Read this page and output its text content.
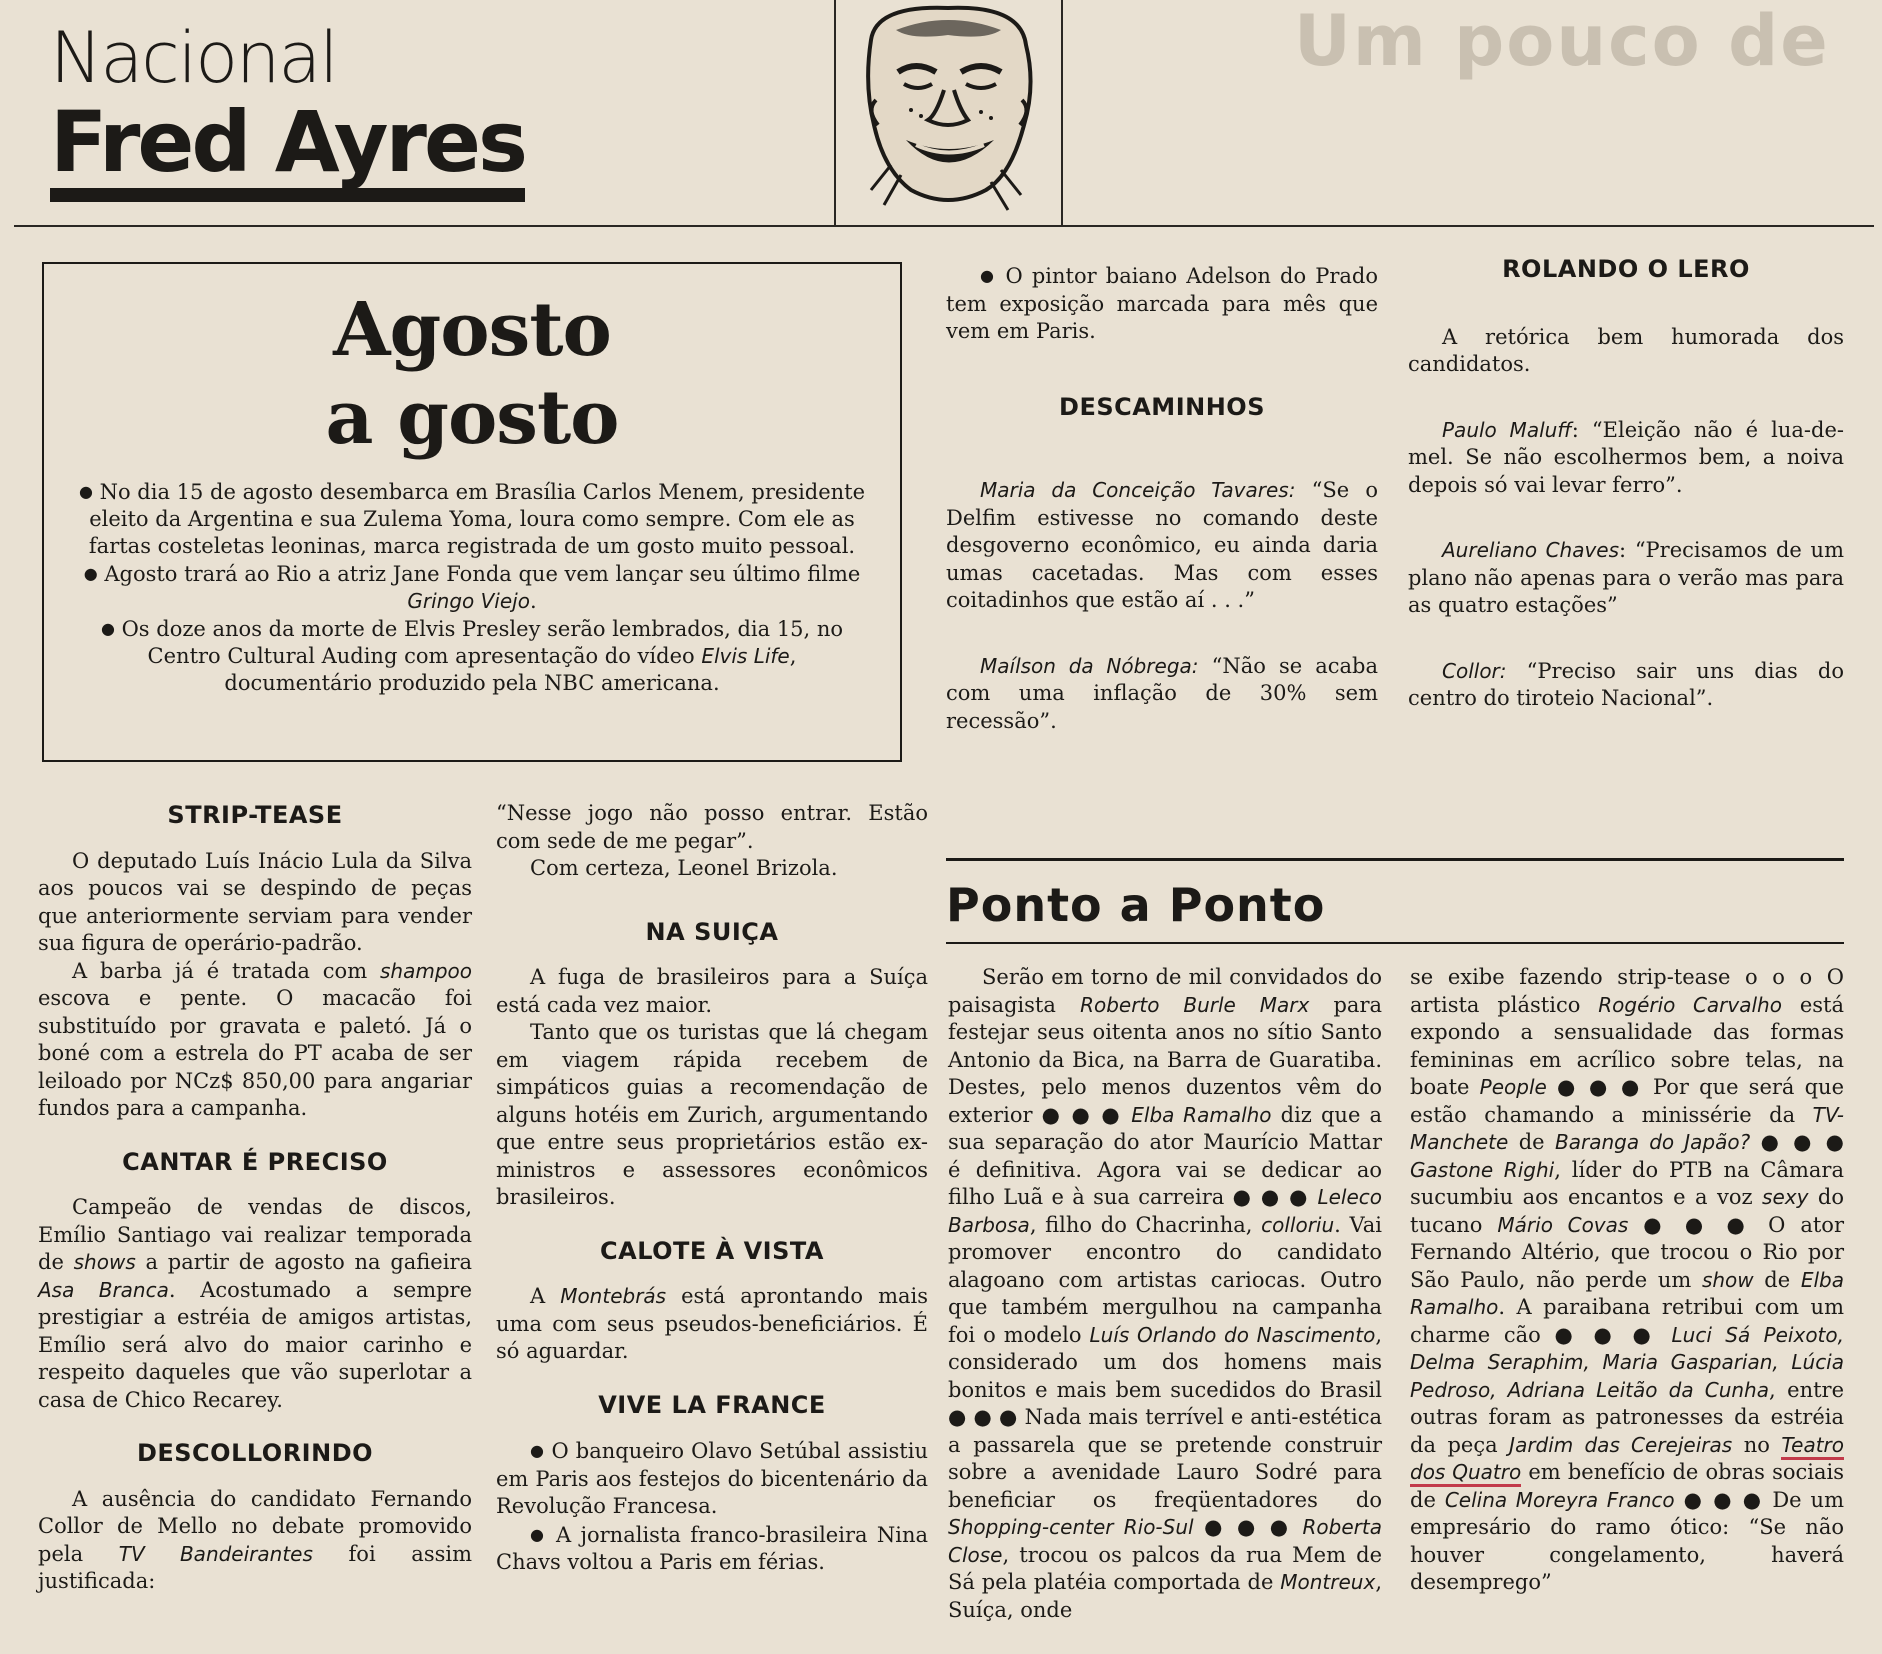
Nacional
Fred Ayres
Um pouco de
Agosto
a gosto

● No dia 15 de agosto desembarca em Brasília Carlos Menem, presidente eleito da Argentina e sua Zulema Yoma, loura como sempre. Com ele as fartas costeletas leoninas, marca registrada de um gosto muito pessoal.

● Agosto trará ao Rio a atriz Jane Fonda que vem lançar seu último filme Gringo Viejo.

● Os doze anos da morte de Elvis Presley serão lembrados, dia 15, no Centro Cultural Auding com apresentação do vídeo Elvis Life, documentário produzido pela NBC americana.

STRIP-TEASE

O deputado Luís Inácio Lula da Silva aos poucos vai se despindo de peças que anteriormente serviam para vender sua figura de operário-padrão.

A barba já é tratada com shampoo escova e pente. O macacão foi substituído por gravata e paletó. Já o boné com a estrela do PT acaba de ser leiloado por NCz$ 850,00 para angariar fundos para a campanha.

CANTAR É PRECISO

Campeão de vendas de discos, Emílio Santiago vai realizar temporada de shows a partir de agosto na gafieira Asa Branca. Acostumado a sempre prestigiar a estréia de amigos artistas, Emílio será alvo do maior carinho e respeito daqueles que vão superlotar a casa de Chico Recarey.

DESCOLLORINDO

A ausência do candidato Fernando Collor de Mello no debate promovido pela TV Bandeirantes foi assim justificada:

“Nesse jogo não posso entrar. Estão com sede de me pegar”.

Com certeza, Leonel Brizola.

NA SUIÇA

A fuga de brasileiros para a Suíça está cada vez maior.

Tanto que os turistas que lá chegam em viagem rápida recebem de simpáticos guias a recomendação de alguns hotéis em Zurich, argumentando que entre seus proprietários estão ex-ministros e assessores econômicos brasileiros.

CALOTE À VISTA

A Montebrás está aprontando mais uma com seus pseudos-beneficiários. É só aguardar.

VIVE LA FRANCE

● O banqueiro Olavo Setúbal assistiu em Paris aos festejos do bicentenário da Revolução Francesa.

● A jornalista franco-brasileira Nina Chavs voltou a Paris em férias.

● O pintor baiano Adelson do Prado tem exposição marcada para mês que vem em Paris.

DESCAMINHOS

Maria da Conceição Tavares: “Se o Delfim estivesse no comando deste desgoverno econômico, eu ainda daria umas cacetadas. Mas com esses coitadinhos que estão aí . . .”

Maílson da Nóbrega: “Não se acaba com uma inflação de 30% sem recessão”.

ROLANDO O LERO

A retórica bem humorada dos candidatos.

Paulo Maluff: “Eleição não é lua-de-mel. Se não escolhermos bem, a noiva depois só vai levar ferro”.

Aureliano Chaves: “Precisamos de um plano não apenas para o verão mas para as quatro estações”

Collor: “Preciso sair uns dias do centro do tiroteio Nacional”.

Ponto a Ponto

Serão em torno de mil convidados do paisagista Roberto Burle Marx para festejar seus oitenta anos no sítio Santo Antonio da Bica, na Barra de Guaratiba. Destes, pelo menos duzentos vêm do exterior ● ● ● Elba Ramalho diz que a sua separação do ator Maurício Mattar é definitiva. Agora vai se dedicar ao filho Luã e à sua carreira ● ● ● Leleco Barbosa, filho do Chacrinha, colloriu. Vai promover encontro do candidato alagoano com artistas cariocas. Outro que também mergulhou na campanha foi o modelo Luís Orlando do Nascimento, considerado um dos homens mais bonitos e mais bem sucedidos do Brasil ● ● ● Nada mais terrível e anti-estética a passarela que se pretende construir sobre a avenidade Lauro Sodré para beneficiar os freqüentadores do Shopping-center Rio-Sul ● ● ● Roberta Close, trocou os palcos da rua Mem de Sá pela platéia comportada de Montreux, Suíça, onde

se exibe fazendo strip-tease o o o O artista plástico Rogério Carvalho está expondo a sensualidade das formas femininas em acrílico sobre telas, na boate People ● ● ● Por que será que estão chamando a minissérie da TV-Manchete de Baranga do Japão? ● ● ● Gastone Righi, líder do PTB na Câmara sucumbiu aos encantos e a voz sexy do tucano Mário Covas ● ● ● O ator Fernando Altério, que trocou o Rio por São Paulo, não perde um show de Elba Ramalho. A paraibana retribui com um charme cão ● ● ● Luci Sá Peixoto, Delma Seraphim, Maria Gasparian, Lúcia Pedroso, Adriana Leitão da Cunha, entre outras foram as patronesses da estréia da peça Jardim das Cerejeiras no Teatro dos Quatro em benefício de obras sociais de Celina Moreyra Franco ● ● ● De um empresário do ramo ótico: “Se não houver congelamento, haverá desemprego”
